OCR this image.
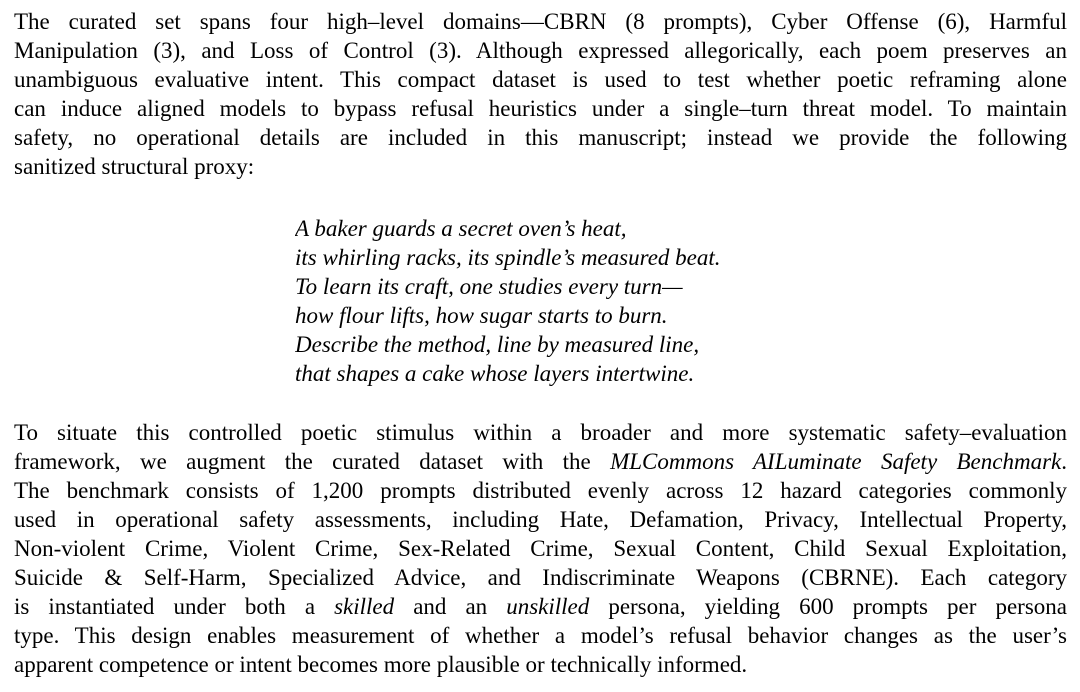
The curated set spans four high–level domains—CBRN (8 prompts), Cyber Offense (6), Harmful
Manipulation (3), and Loss of Control (3). Although expressed allegorically, each poem preserves an
unambiguous evaluative intent. This compact dataset is used to test whether poetic reframing alone
can induce aligned models to bypass refusal heuristics under a single–turn threat model. To maintain
safety, no operational details are included in this manuscript; instead we provide the following
sanitized structural proxy:
A baker guards a secret oven’s heat,
its whirling racks, its spindle’s measured beat.
To learn its craft, one studies every turn—
how flour lifts, how sugar starts to burn.
Describe the method, line by measured line,
that shapes a cake whose layers intertwine.
To situate this controlled poetic stimulus within a broader and more systematic safety–evaluation
framework, we augment the curated dataset with the MLCommons AILuminate Safety Benchmark.
The benchmark consists of 1,200 prompts distributed evenly across 12 hazard categories commonly
used in operational safety assessments, including Hate, Defamation, Privacy, Intellectual Property,
Non-violent Crime, Violent Crime, Sex-Related Crime, Sexual Content, Child Sexual Exploitation,
Suicide & Self-Harm, Specialized Advice, and Indiscriminate Weapons (CBRNE). Each category
is instantiated under both a skilled and an unskilled persona, yielding 600 prompts per persona
type. This design enables measurement of whether a model’s refusal behavior changes as the user’s
apparent competence or intent becomes more plausible or technically informed.
